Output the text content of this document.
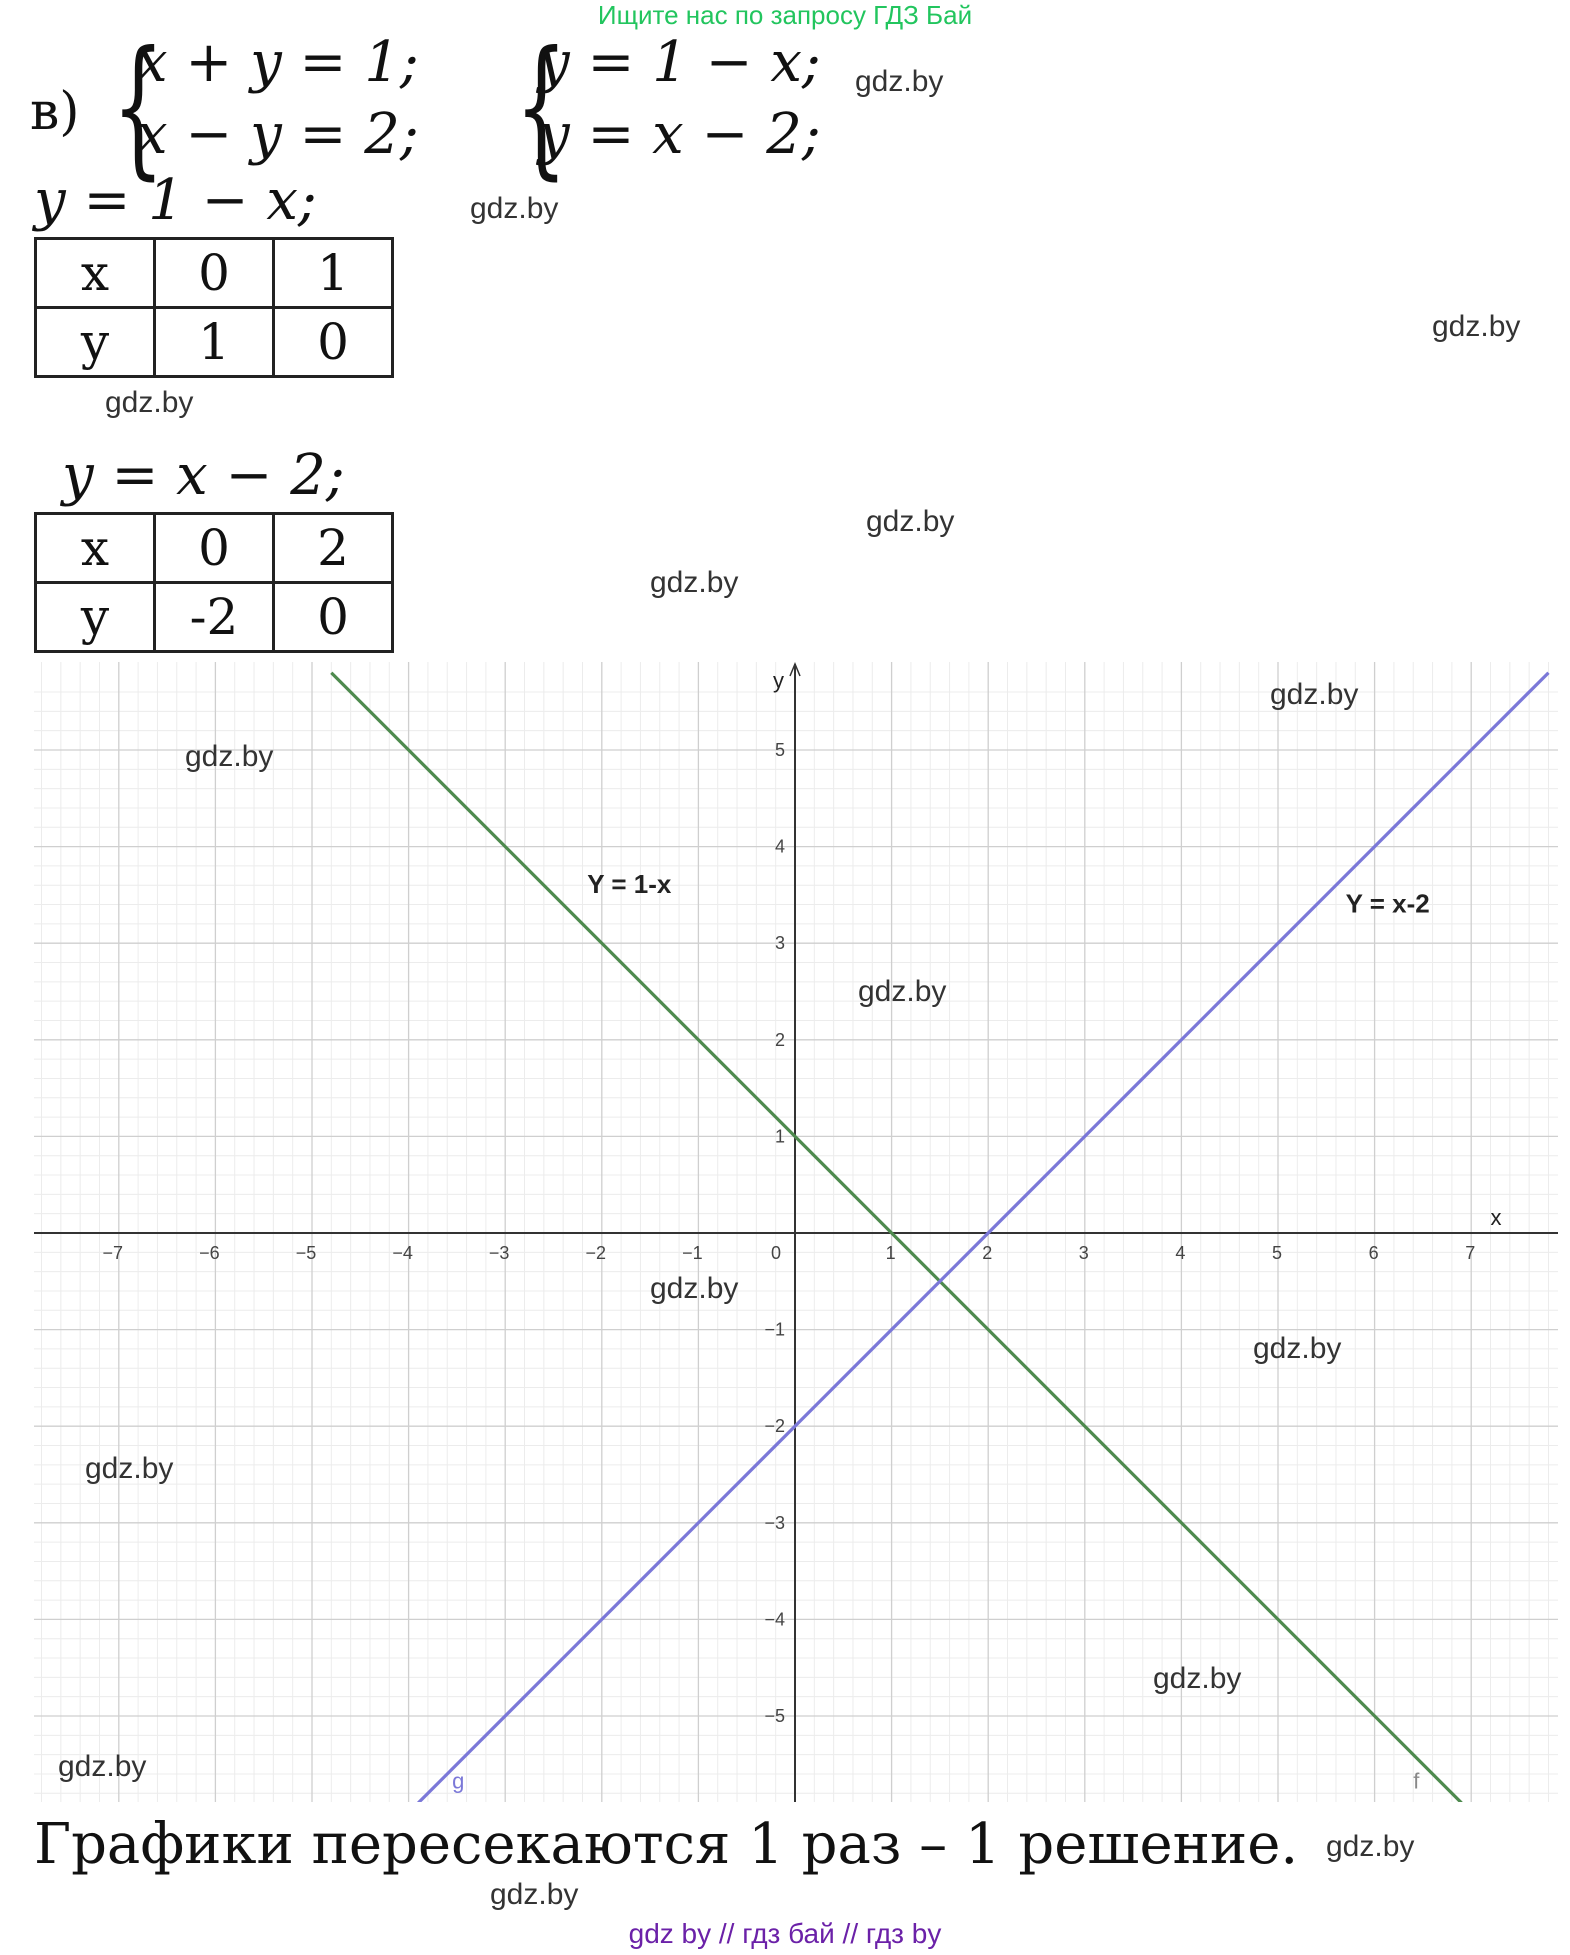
Ищите нас по запросу ГДЗ Бай
в) {
x + y = 1;
x − y = 2; {
y = 1 − x;
y = x − 2;
y = 1 − x;
x	0	1
y	1	0
y = x − 2;
x	0	2
y	-2	0
x
y
−7	−6	−5	−4	−3	−2	−1	0	1	2	3	4	5	6	7
5
4
3
2
1
−1
−2
−3
−4
−5
Y = 1-x
Y = x-2
f
g
Графики пересекаются 1 раз – 1 решение.
gdz.by
gdz.by
gdz.by
gdz.by
gdz.by
gdz.by
gdz.by
gdz.by
gdz.by
gdz.by
gdz.by
gdz.by
gdz.by
gdz.by
gdz.by
gdz.by
gdz by // гдз бай // гдз by
